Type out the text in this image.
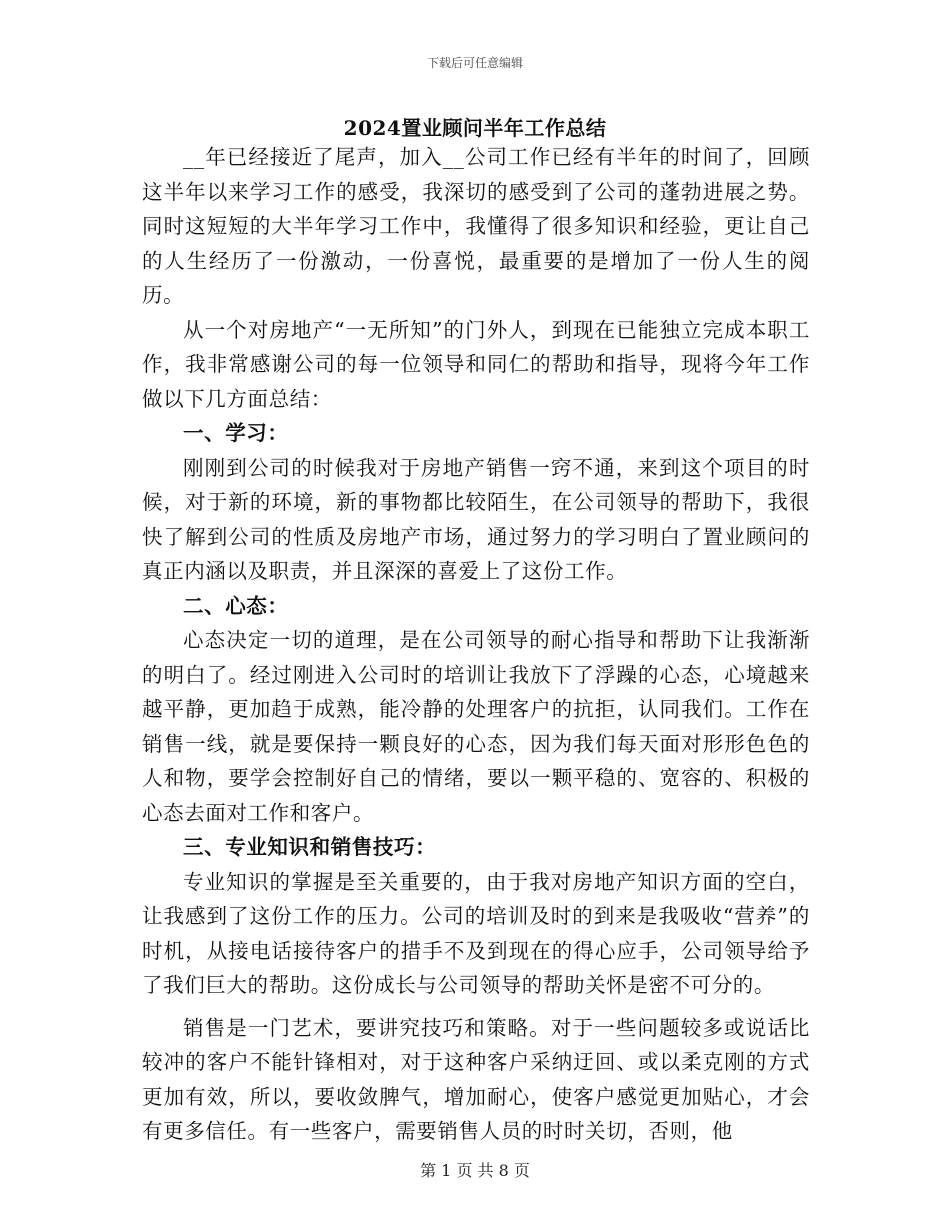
下载后可任意编辑
2024置业顾问半年工作总结

__年已经接近了尾声，加入__公司工作已经有半年的时间了，回顾这半年以来学习工作的感受，我深切的感受到了公司的蓬勃进展之势。同时这短短的大半年学习工作中，我懂得了很多知识和经验，更让自己的人生经历了一份激动，一份喜悦，最重要的是增加了一份人生的阅历。

从一个对房地产“一无所知”的门外人，到现在已能独立完成本职工作，我非常感谢公司的每一位领导和同仁的帮助和指导，现将今年工作做以下几方面总结：

一、学习：

刚刚到公司的时候我对于房地产销售一窍不通，来到这个项目的时候，对于新的环境，新的事物都比较陌生，在公司领导的帮助下，我很快了解到公司的性质及房地产市场，通过努力的学习明白了置业顾问的真正内涵以及职责，并且深深的喜爱上了这份工作。

二、心态：

心态决定一切的道理，是在公司领导的耐心指导和帮助下让我渐渐的明白了。经过刚进入公司时的培训让我放下了浮躁的心态，心境越来越平静，更加趋于成熟，能冷静的处理客户的抗拒，认同我们。工作在销售一线，就是要保持一颗良好的心态，因为我们每天面对形形色色的人和物，要学会控制好自己的情绪，要以一颗平稳的、宽容的、积极的心态去面对工作和客户。

三、专业知识和销售技巧：

专业知识的掌握是至关重要的，由于我对房地产知识方面的空白，让我感到了这份工作的压力。公司的培训及时的到来是我吸收“营养”的时机，从接电话接待客户的措手不及到现在的得心应手，公司领导给予了我们巨大的帮助。这份成长与公司领导的帮助关怀是密不可分的。

销售是一门艺术，要讲究技巧和策略。对于一些问题较多或说话比较冲的客户不能针锋相对，对于这种客户采纳迂回、或以柔克刚的方式更加有效，所以，要收敛脾气，增加耐心，使客户感觉更加贴心，才会有更多信任。有一些客户，需要销售人员的时时关切，否则，他

第 1 页 共 8 页
